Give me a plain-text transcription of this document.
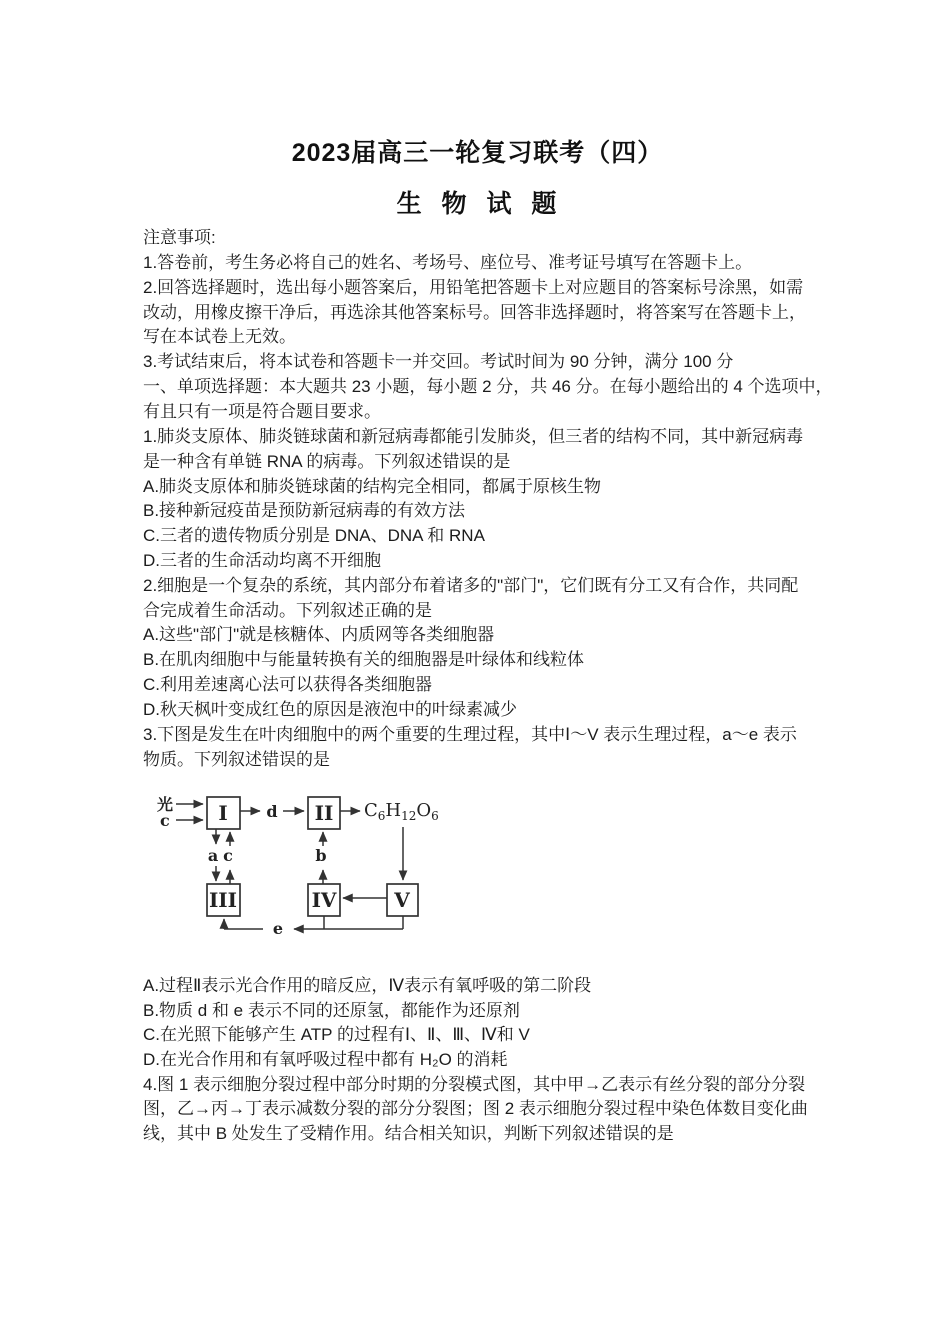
2023届高三一轮复习联考（四）
生 物 试 题
注意事项:
1.答卷前，考生务必将自己的姓名、考场号、座位号、准考证号填写在答题卡上。
2.回答选择题时，选出每小题答案后，用铅笔把答题卡上对应题目的答案标号涂黑，如需
改动，用橡皮擦干净后，再选涂其他答案标号。回答非选择题时，将答案写在答题卡上，
写在本试卷上无效。
3.考试结束后，将本试卷和答题卡一并交回。考试时间为 90 分钟，满分 100 分
一、单项选择题：本大题共 23 小题，每小题 2 分，共 46 分。在每小题给出的 4 个选项中，
有且只有一项是符合题目要求。
1.肺炎支原体、肺炎链球菌和新冠病毒都能引发肺炎，但三者的结构不同，其中新冠病毒
是一种含有单链 RNA 的病毒。下列叙述错误的是
A.肺炎支原体和肺炎链球菌的结构完全相同，都属于原核生物
B.接种新冠疫苗是预防新冠病毒的有效方法
C.三者的遗传物质分别是 DNA、DNA 和 RNA
D.三者的生命活动均离不开细胞
2.细胞是一个复杂的系统，其内部分布着诸多的"部门"，它们既有分工又有合作，共同配
合完成着生命活动。下列叙述正确的是
A.这些"部门"就是核糖体、内质网等各类细胞器
B.在肌肉细胞中与能量转换有关的细胞器是叶绿体和线粒体
C.利用差速离心法可以获得各类细胞器
D.秋天枫叶变成红色的原因是液泡中的叶绿素减少
3.下图是发生在叶肉细胞中的两个重要的生理过程，其中Ⅰ～V 表示生理过程，a～e 表示
物质。下列叙述错误的是
光
c I	II
III	IV	V
d
a c	b
e
$C_6H_{12}O_6$
A.过程Ⅱ表示光合作用的暗反应，Ⅳ表示有氧呼吸的第二阶段
B.物质 d 和 e 表示不同的还原氢，都能作为还原剂
C.在光照下能够产生 ATP 的过程有Ⅰ、Ⅱ、Ⅲ、Ⅳ和 V
D.在光合作用和有氧呼吸过程中都有 H₂O 的消耗
4.图 1 表示细胞分裂过程中部分时期的分裂模式图，其中甲→乙表示有丝分裂的部分分裂
图，乙→丙→丁表示减数分裂的部分分裂图；图 2 表示细胞分裂过程中染色体数目变化曲
线，其中 B 处发生了受精作用。结合相关知识，判断下列叙述错误的是
